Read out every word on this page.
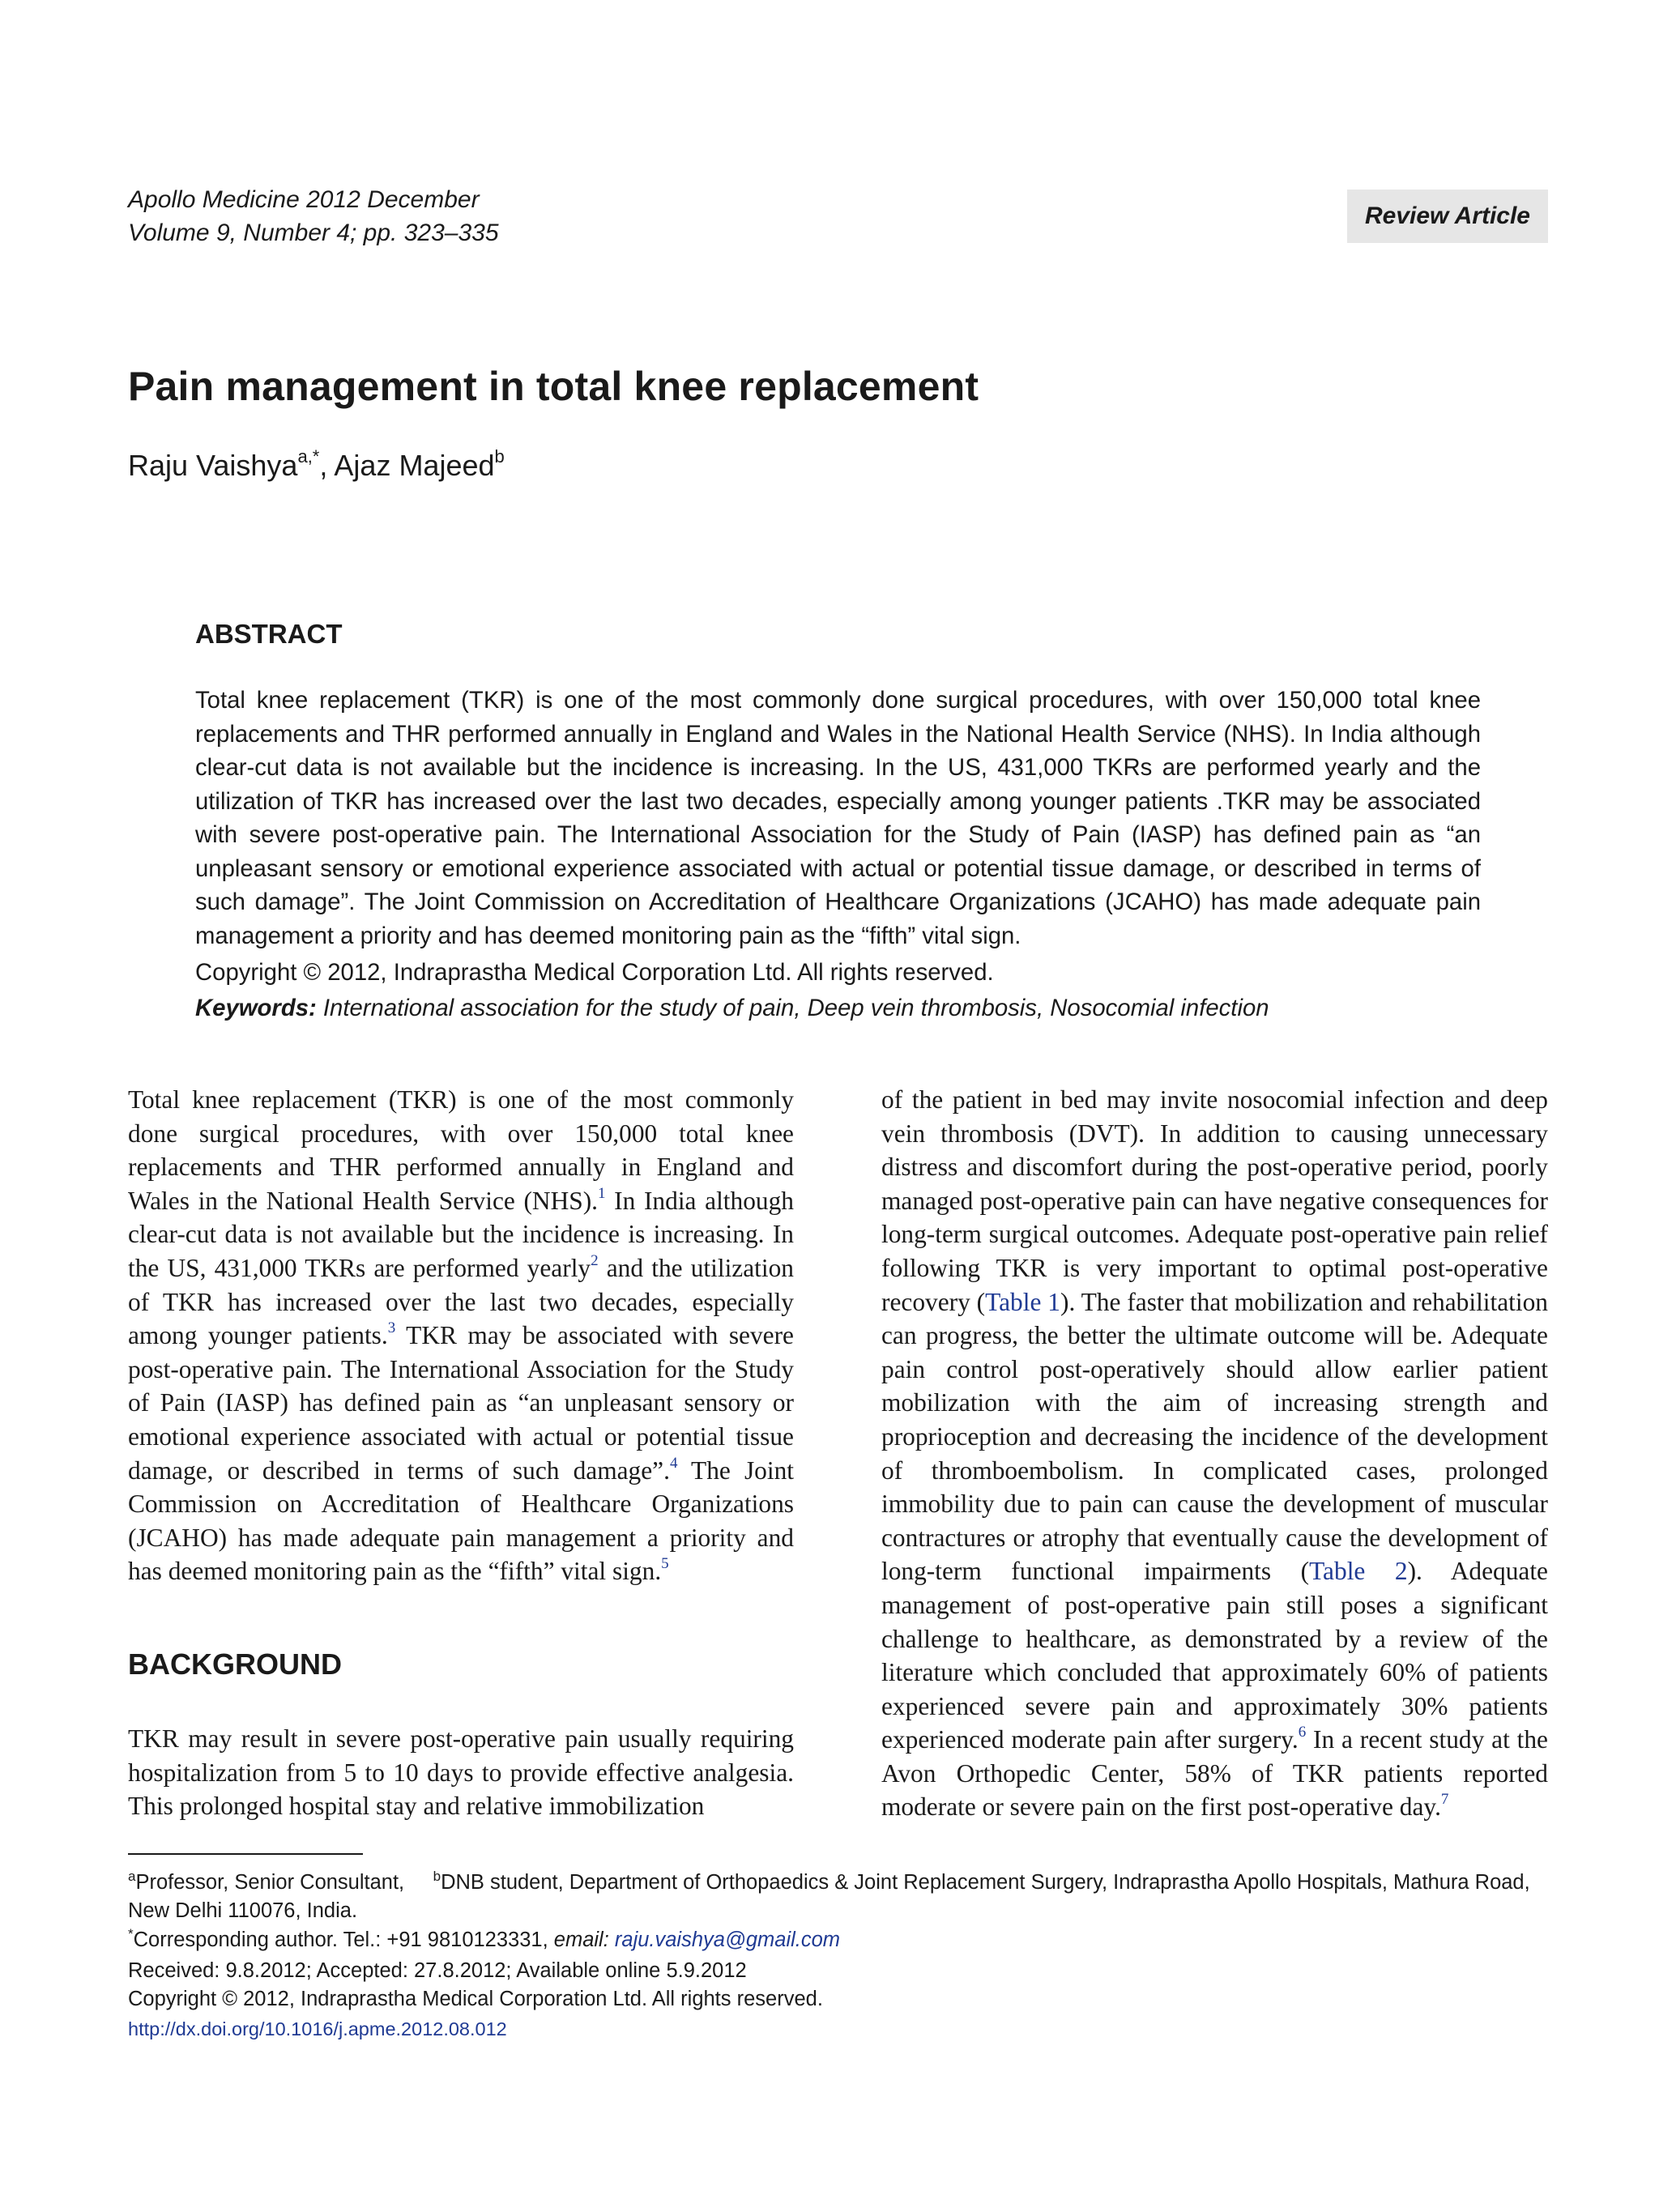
Apollo Medicine 2012 December
Volume 9, Number 4; pp. 323–335
Review Article
Pain management in total knee replacement
Raju Vaishya$^{a,*}$, Ajaz Majeed$^b$
ABSTRACT

Total knee replacement (TKR) is one of the most commonly done surgical procedures, with over 150,000 total knee replacements and THR performed annually in England and Wales in the National Health Service (NHS). In India although clear-cut data is not available but the incidence is increasing. In the US, 431,000 TKRs are performed yearly and the utilization of TKR has increased over the last two decades, especially among younger patients .TKR may be associated with severe post-operative pain. The International Association for the Study of Pain (IASP) has defined pain as “an unpleasant sensory or emotional experience associated with actual or potential tissue damage, or described in terms of such damage”. The Joint Commission on Accreditation of Healthcare Organizations (JCAHO) has made adequate pain management a priority and has deemed monitoring pain as the “fifth” vital sign.

Copyright © 2012, Indraprastha Medical Corporation Ltd. All rights reserved.
Keywords: International association for the study of pain, Deep vein thrombosis, Nosocomial infection

Total knee replacement (TKR) is one of the most commonly done surgical procedures, with over 150,000 total knee replacements and THR performed annually in England and Wales in the National Health Service (NHS).$^1$ In India although clear-cut data is not available but the incidence is increasing. In the US, 431,000 TKRs are performed yearly$^2$ and the utilization of TKR has increased over the last two decades, especially among younger patients.$^3$ TKR may be associated with severe post-operative pain. The International Association for the Study of Pain (IASP) has defined pain as “an unpleasant sensory or emotional experience associated with actual or potential tissue damage, or described in terms of such damage”.$^4$ The Joint Commission on Accreditation of Healthcare Organizations (JCAHO) has made adequate pain management a priority and has deemed monitoring pain as the “fifth” vital sign.$^5$

BACKGROUND

TKR may result in severe post-operative pain usually requiring hospitalization from 5 to 10 days to provide effective analgesia. This prolonged hospital stay and relative immobilization

of the patient in bed may invite nosocomial infection and deep vein thrombosis (DVT). In addition to causing unnecessary distress and discomfort during the post-operative period, poorly managed post-operative pain can have negative consequences for long-term surgical outcomes. Adequate post-operative pain relief following TKR is very important to optimal post-operative recovery (Table 1). The faster that mobilization and rehabilitation can progress, the better the ultimate outcome will be. Adequate pain control post-operatively should allow earlier patient mobilization with the aim of increasing strength and proprioception and decreasing the incidence of the development of thromboembolism. In complicated cases, prolonged immobility due to pain can cause the development of muscular contractures or atrophy that eventually cause the development of long-term functional impairments (Table 2). Adequate management of post-operative pain still poses a significant challenge to healthcare, as demonstrated by a review of the literature which concluded that approximately 60% of patients experienced severe pain and approximately 30% patients experienced moderate pain after surgery.$^6$ In a recent study at the Avon Orthopedic Center, 58% of TKR patients reported moderate or severe pain on the first post-operative day.$^7$

$^a$Professor, Senior Consultant, $^b$DNB student, Department of Orthopaedics & Joint Replacement Surgery, Indraprastha Apollo Hospitals, Mathura Road, New Delhi 110076, India.

*Corresponding author. Tel.: +91 9810123331, email: raju.vaishya@gmail.com

Received: 9.8.2012; Accepted: 27.8.2012; Available online 5.9.2012

Copyright © 2012, Indraprastha Medical Corporation Ltd. All rights reserved.

http://dx.doi.org/10.1016/j.apme.2012.08.012
